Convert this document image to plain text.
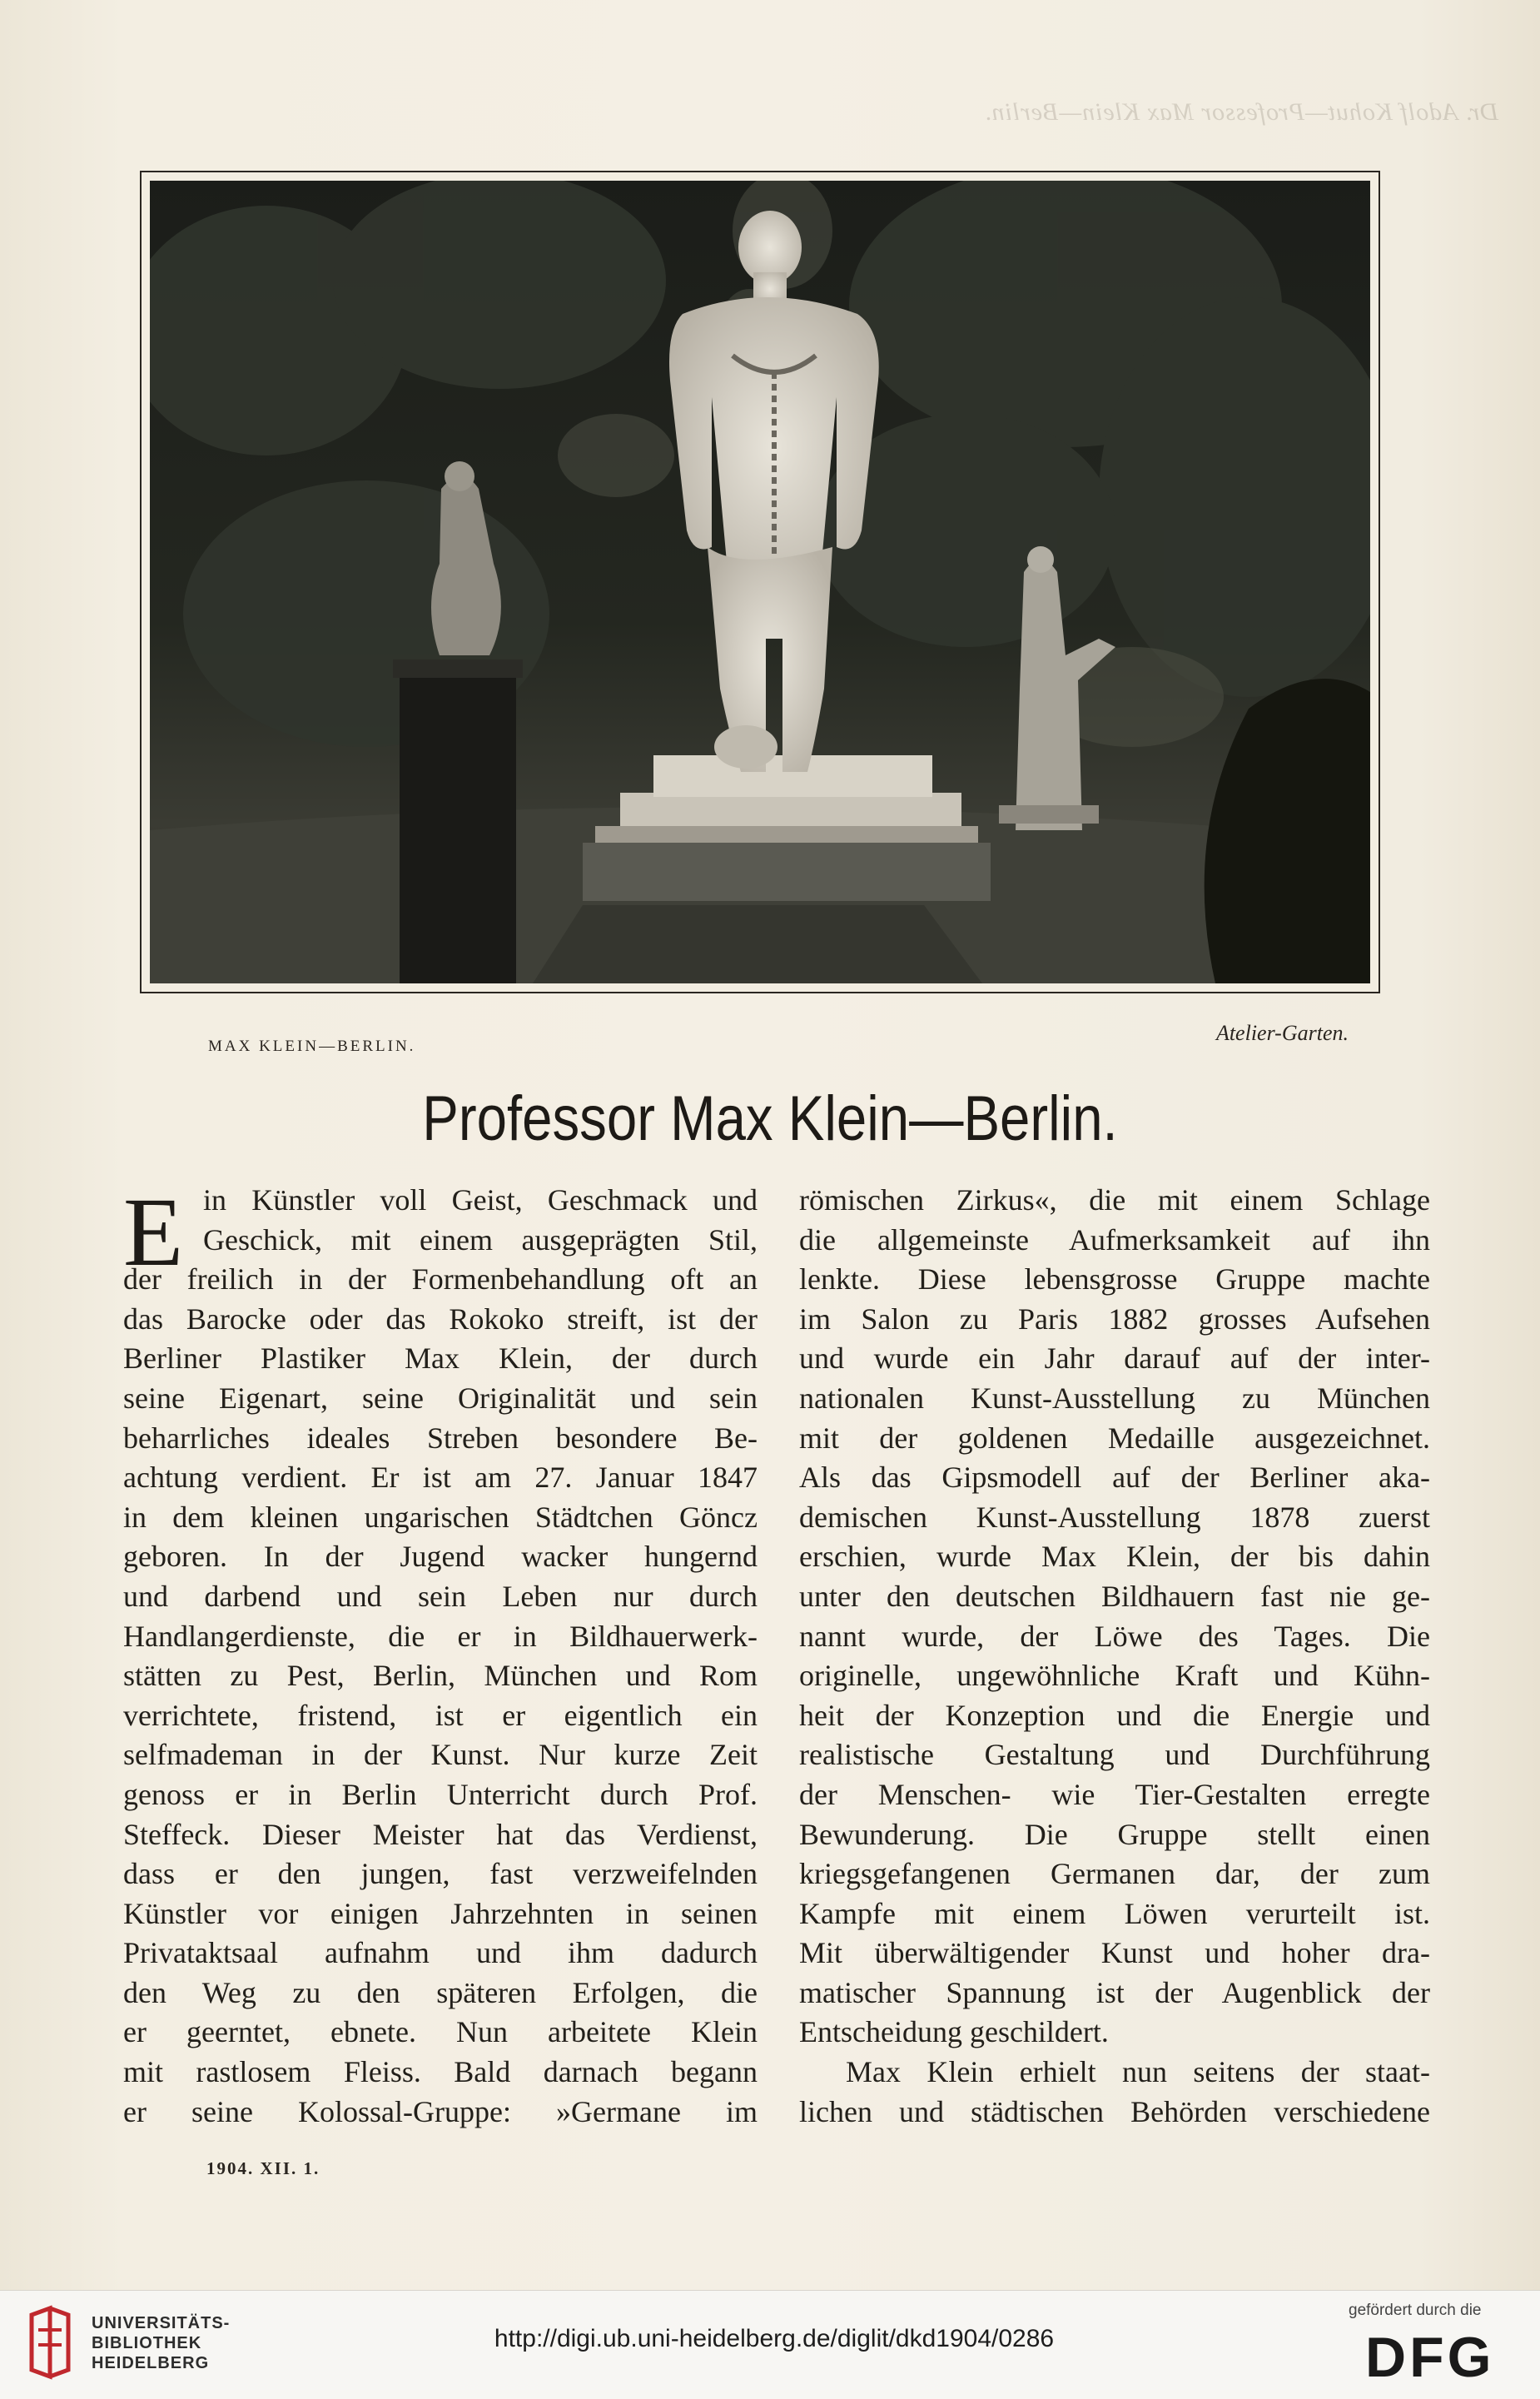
Dr. Adolf Kohut—Professor Max Klein—Berlin.
MAX KLEIN—BERLIN.
Atelier-Garten.
Professor Max Klein—Berlin.
E in Künstler voll Geist, Geschmack und
Geschick, mit einem ausgeprägten Stil,
der freilich in der Formenbehandlung oft an
das Barocke oder das Rokoko streift, ist der
Berliner Plastiker Max Klein, der durch
seine Eigenart, seine Originalität und sein
beharrliches ideales Streben besondere Be-
achtung verdient. Er ist am 27. Januar 1847
in dem kleinen ungarischen Städtchen Göncz
geboren. In der Jugend wacker hungernd
und darbend und sein Leben nur durch
Handlangerdienste, die er in Bildhauerwerk-
stätten zu Pest, Berlin, München und Rom
verrichtete, fristend, ist er eigentlich ein
selfmademan in der Kunst. Nur kurze Zeit
genoss er in Berlin Unterricht durch Prof.
Steffeck. Dieser Meister hat das Verdienst,
dass er den jungen, fast verzweifelnden
Künstler vor einigen Jahrzehnten in seinen
Privataktsaal aufnahm und ihm dadurch
den Weg zu den späteren Erfolgen, die
er geerntet, ebnete. Nun arbeitete Klein
mit rastlosem Fleiss. Bald darnach begann
er seine Kolossal-Gruppe: »Germane im
römischen Zirkus«, die mit einem Schlage
die allgemeinste Aufmerksamkeit auf ihn
lenkte. Diese lebensgrosse Gruppe machte
im Salon zu Paris 1882 grosses Aufsehen
und wurde ein Jahr darauf auf der inter-
nationalen Kunst-Ausstellung zu München
mit der goldenen Medaille ausgezeichnet.
Als das Gipsmodell auf der Berliner aka-
demischen Kunst-Ausstellung 1878 zuerst
erschien, wurde Max Klein, der bis dahin
unter den deutschen Bildhauern fast nie ge-
nannt wurde, der Löwe des Tages. Die
originelle, ungewöhnliche Kraft und Kühn-
heit der Konzeption und die Energie und
realistische Gestaltung und Durchführung
der Menschen- wie Tier-Gestalten erregte
Bewunderung. Die Gruppe stellt einen
kriegsgefangenen Germanen dar, der zum
Kampfe mit einem Löwen verurteilt ist.
Mit überwältigender Kunst und hoher dra-
matischer Spannung ist der Augenblick der
Entscheidung geschildert.
Max Klein erhielt nun seitens der staat-
lichen und städtischen Behörden verschiedene
1904. XII. 1.
UNIVERSITÄTS-
BIBLIOTHEK
HEIDELBERG
http://digi.ub.uni-heidelberg.de/diglit/dkd1904/0286
gefördert durch die
DFG
